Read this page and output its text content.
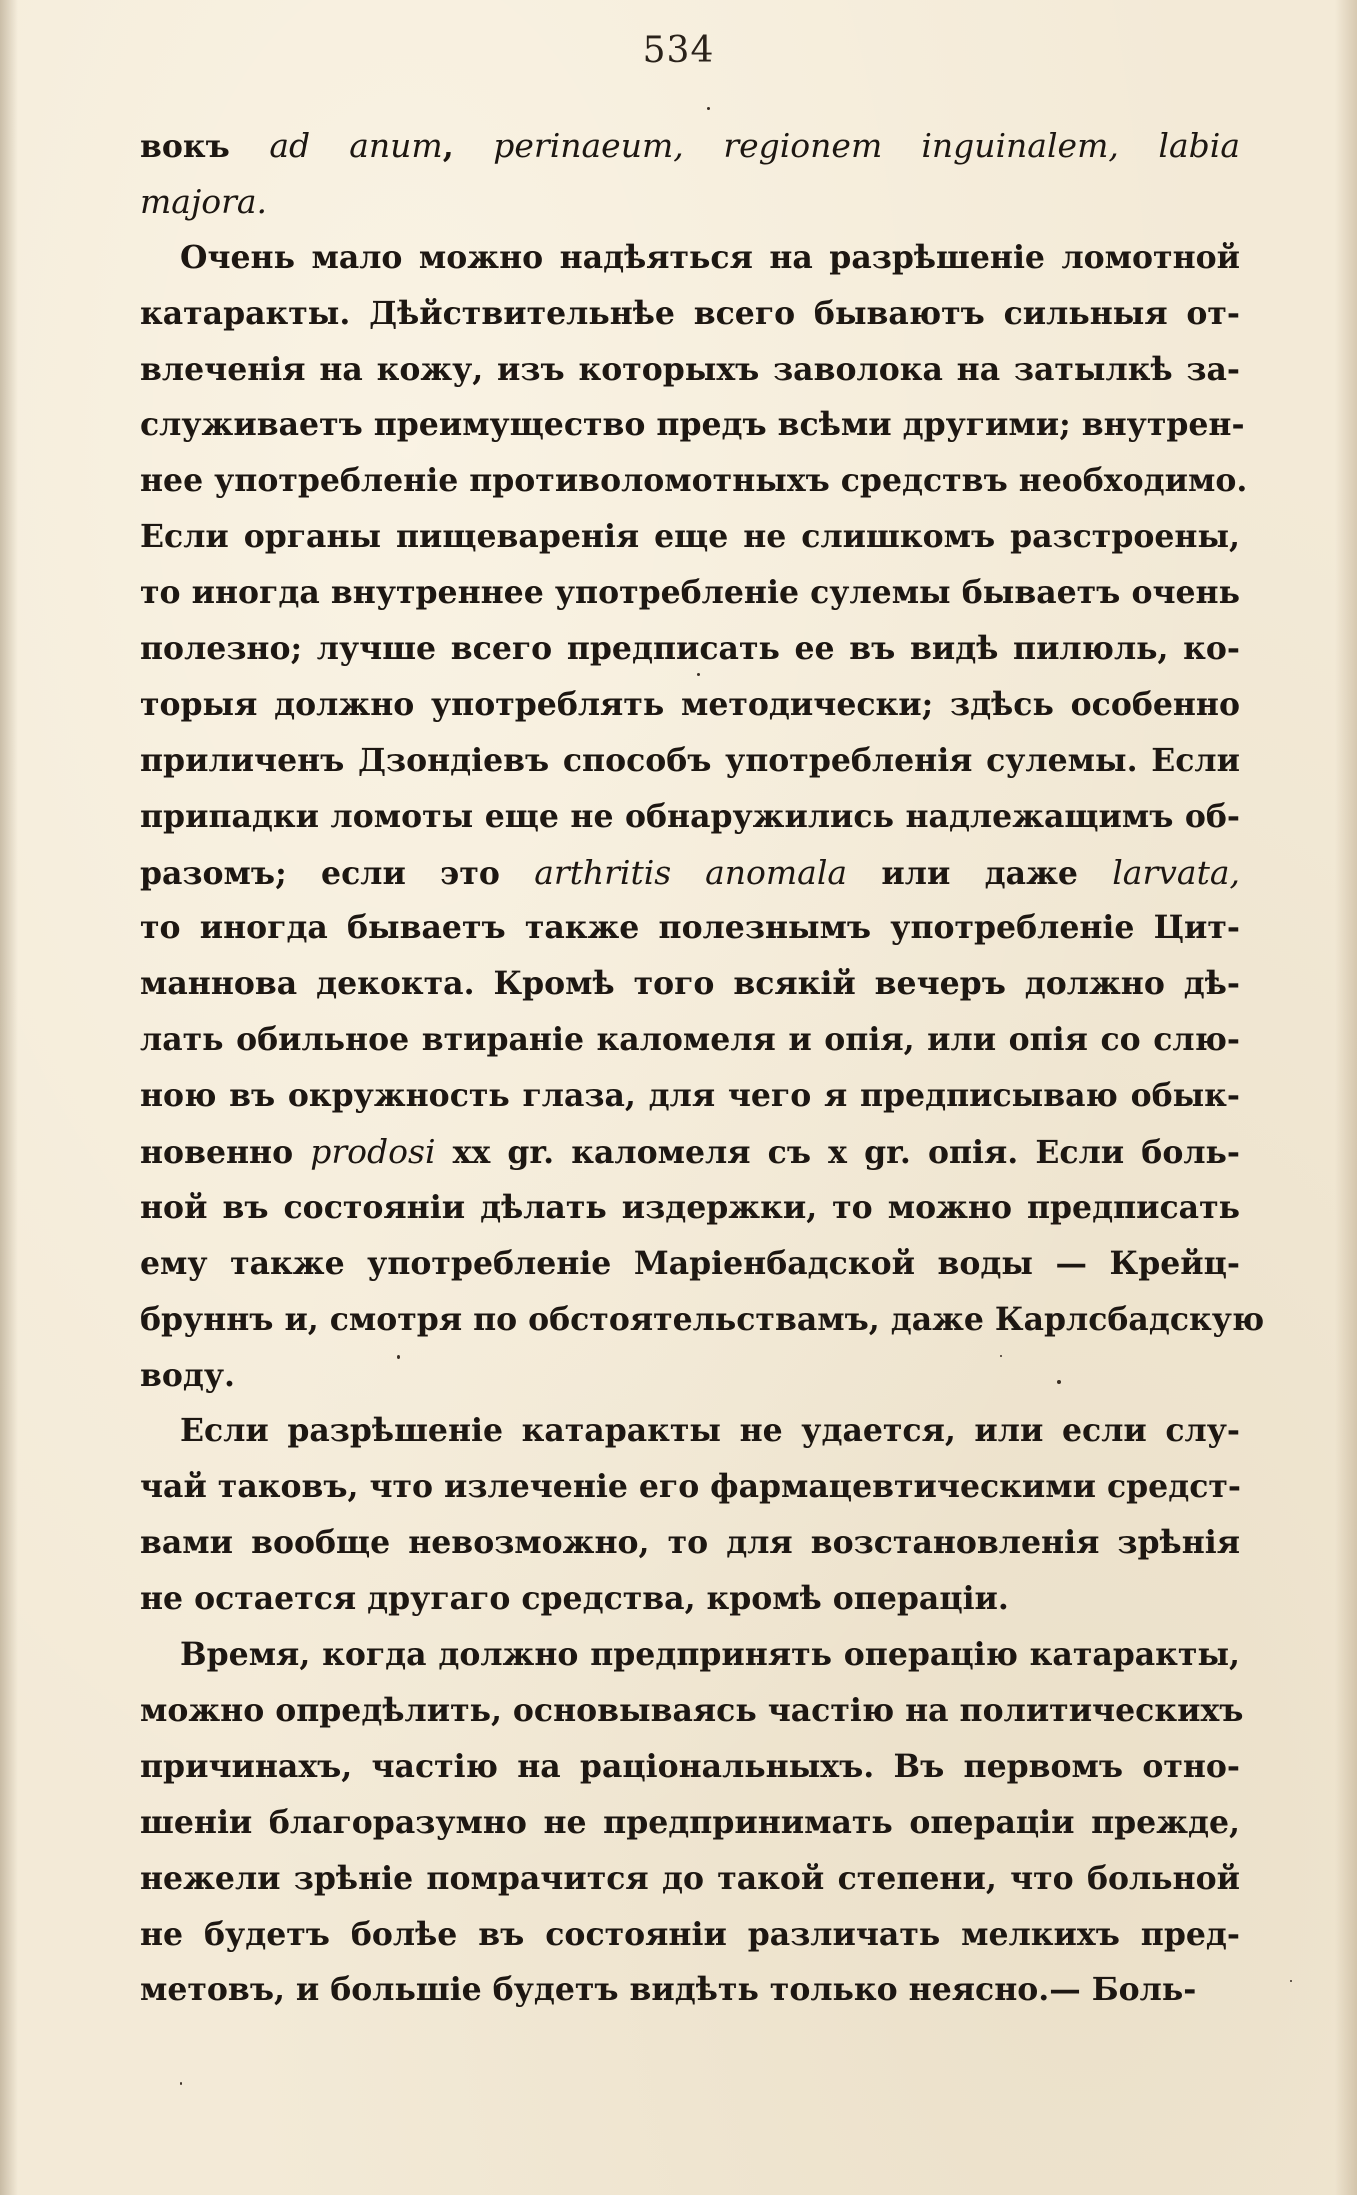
534
вокъ ad anum, perinaeum, regionem inguinalem, labia
majora.
Очень мало можно надѣяться на разрѣшеніе ломотной
катаракты. Дѣйствительнѣе всего бываютъ сильныя от-
влеченія на кожу, изъ которыхъ заволока на затылкѣ за-
служиваетъ преимущество предъ всѣми другими; внутрен-
нее употребленіе противоломотныхъ средствъ необходимо.
Если органы пищеваренія еще не слишкомъ разстроены,
то иногда внутреннее употребленіе сулемы бываетъ очень
полезно; лучше всего предписать ее въ видѣ пилюль, ко-
торыя должно употреблять методически; здѣсь особенно
приличенъ Дзондіевъ способъ употребленія сулемы. Если
припадки ломоты еще не обнаружились надлежащимъ об-
разомъ; если это arthritis anomala или даже larvata,
то иногда бываетъ также полезнымъ употребленіе Цит-
маннова декокта. Кромѣ того всякій вечеръ должно дѣ-
лать обильное втираніе каломеля и опія, или опія со слю-
ною въ окружность глаза, для чего я предписываю обык-
новенно prodosi xx gr. каломеля съ x gr. опія. Если боль-
ной въ состояніи дѣлать издержки, то можно предписать
ему также употребленіе Маріенбадской воды — Крейц-
бруннъ и, смотря по обстоятельствамъ, даже Карлсбадскую
воду.
Если разрѣшеніе катаракты не удается, или если слу-
чай таковъ, что излеченіе его фармацевтическими средст-
вами вообще невозможно, то для возстановленія зрѣнія
не остается другаго средства, кромѣ операціи.
Время, когда должно предпринять операцію катаракты,
можно опредѣлить, основываясь частію на политическихъ
причинахъ, частію на раціональныхъ. Въ первомъ отно-
шеніи благоразумно не предпринимать операціи прежде,
нежели зрѣніе помрачится до такой степени, что больной
не будетъ болѣе въ состояніи различать мелкихъ пред-
метовъ, и большіе будетъ видѣть только неясно.— Боль-
